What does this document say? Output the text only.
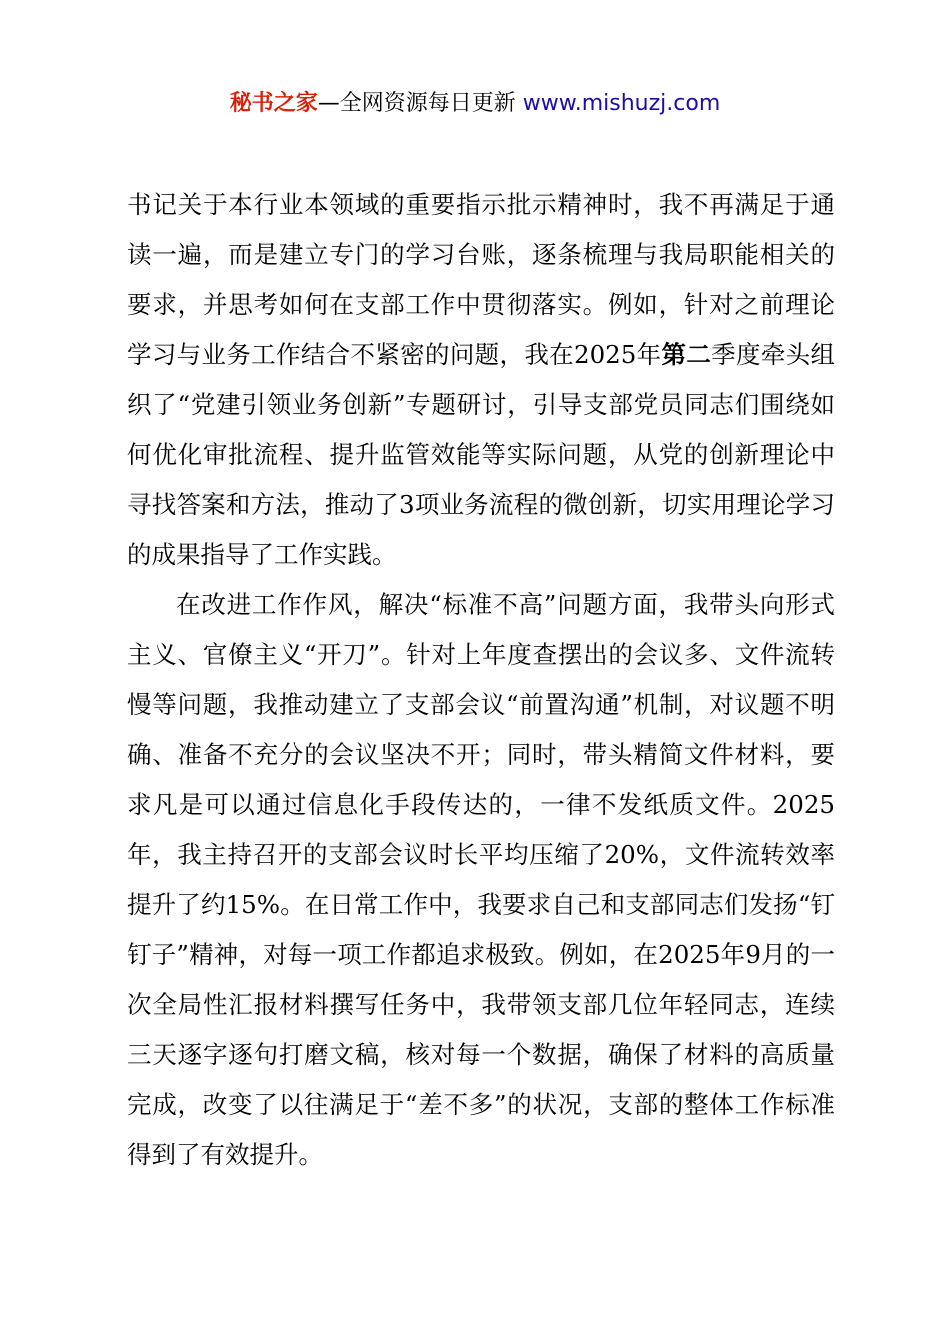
秘书之家—全网资源每日更新 www.mishuzj.com

书记关于本行业本领域的重要指示批示精神时，我不再满足于通读一遍，而是建立专门的学习台账，逐条梳理与我局职能相关的要求，并思考如何在支部工作中贯彻落实。例如，针对之前理论学习与业务工作结合不紧密的问题，我在2025年第二季度牵头组织了“党建引领业务创新”专题研讨，引导支部党员同志们围绕如何优化审批流程、提升监管效能等实际问题，从党的创新理论中寻找答案和方法，推动了3项业务流程的微创新，切实用理论学习的成果指导了工作实践。

在改进工作作风，解决“标准不高”问题方面，我带头向形式主义、官僚主义“开刀”。针对上年度查摆出的会议多、文件流转慢等问题，我推动建立了支部会议“前置沟通”机制，对议题不明确、准备不充分的会议坚决不开；同时，带头精简文件材料，要求凡是可以通过信息化手段传达的，一律不发纸质文件。2025年，我主持召开的支部会议时长平均压缩了20%，文件流转效率提升了约15%。在日常工作中，我要求自己和支部同志们发扬“钉钉子”精神，对每一项工作都追求极致。例如，在2025年9月的一次全局性汇报材料撰写任务中，我带领支部几位年轻同志，连续三天逐字逐句打磨文稿，核对每一个数据，确保了材料的高质量完成，改变了以往满足于“差不多”的状况，支部的整体工作标准得到了有效提升。
